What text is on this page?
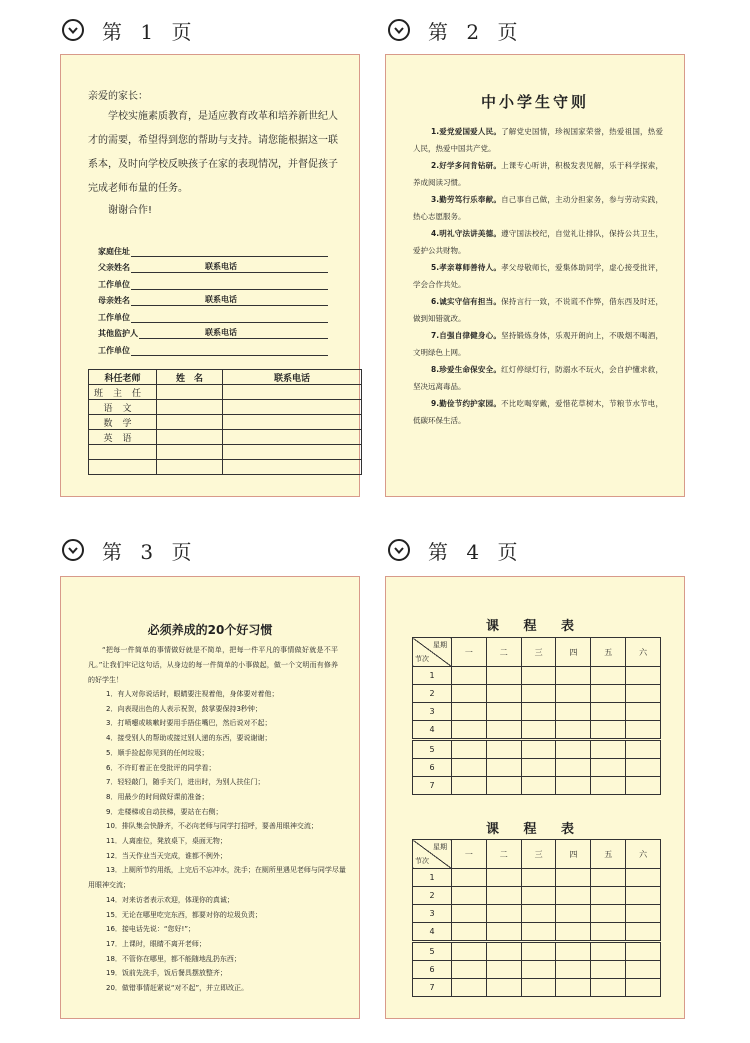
第 1 页	第 2 页
第 3 页	第 4 页
亲爱的家长：
学校实施素质教育，是适应教育改革和培养新世纪人才的需要，希望得到您的帮助与支持。请您能根据这一联系本，及时向学校反映孩子在家的表现情况，并督促孩子完成老师布量的任务。
谢谢合作!
家庭住址
父亲姓名	联系电话
工作单位
母亲姓名	联系电话
工作单位
其他监护人	联系电话
工作单位
科任老师	姓　名	联系电话
班主任		
语文		
数学		
英语		

中小学生守则
1.爱党爱国爱人民。了解党史国情，珍视国家荣誉，热爱祖国，热爱人民，热爱中国共产党。
2.好学多问肯钻研。上课专心听讲，积极发表见解，乐于科学探索，养成阅读习惯。
3.勤劳笃行乐奉献。自己事自己做，主动分担家务，参与劳动实践，热心志愿服务。
4.明礼守法讲美德。遵守国法校纪，自觉礼让排队，保持公共卫生，爱护公共财物。
5.孝亲尊师善待人。孝父母敬师长，爱集体助同学，虚心接受批评，学会合作共处。
6.诚实守信有担当。保持言行一致，不说谎不作弊，借东西及时还，做到知错就改。
7.自强自律健身心。坚持锻炼身体，乐观开朗向上，不吸烟不喝酒，文明绿色上网。
8.珍爱生命保安全。红灯停绿灯行，防溺水不玩火，会自护懂求救，坚决远离毒品。
9.勤俭节约护家园。不比吃喝穿戴，爱惜花草树木，节粮节水节电，低碳环保生活。
必须养成的20个好习惯
“把每一件简单的事情做好就是不简单，把每一件平凡的事情做好就是不平凡。”让我们牢记这句话，从身边的每一件简单的小事做起，做一个文明而有修养的好学生！
1．有人对你说话时，眼睛要注视着他，身体要对着他；
2．向表现出色的人表示祝贺，鼓掌要保持3秒钟；
3．打喷嚏或咳嗽时要用手捂住嘴巴，然后说对不起；
4．接受别人的帮助或接过别人递的东西，要说谢谢；
5．顺手捡起你见到的任何垃圾；
6．不许盯着正在受批评的同学看；
7．轻轻敲门，随手关门，进出时，为别人扶住门；
8．用最少的时间做好课前准备；
9．走楼梯或自动扶梯，要站在右侧；
10．排队集会快静齐，不必向老师与同学打招呼，要善用眼神交流；
11．人离座位，凳放桌下，桌面无物；
12．当天作业当天完成，谁都不例外；
13．上厕所节约用纸，上完后不忘冲水，洗手；在厕所里遇见老师与同学尽量用眼神交流；
14．对来访者表示欢迎，体现你的真诚；
15．无论在哪里吃完东西，都要对你的垃圾负责；
16．接电话先说：“您好!”；
17．上课时，眼睛不离开老师；
18．不管你在哪里，都不能随地乱扔东西；
19．饭前先洗手，饭后餐具摆放整齐；
20．做错事情赶紧说“对不起”，并立即改正。
课 程 表
星期
节次	一	二	三	四	五	六
1						
2						
3						
4						
5						
6						
7						
课 程 表
星期
节次	一	二	三	四	五	六
1						
2						
3						
4						
5						
6						
7						
